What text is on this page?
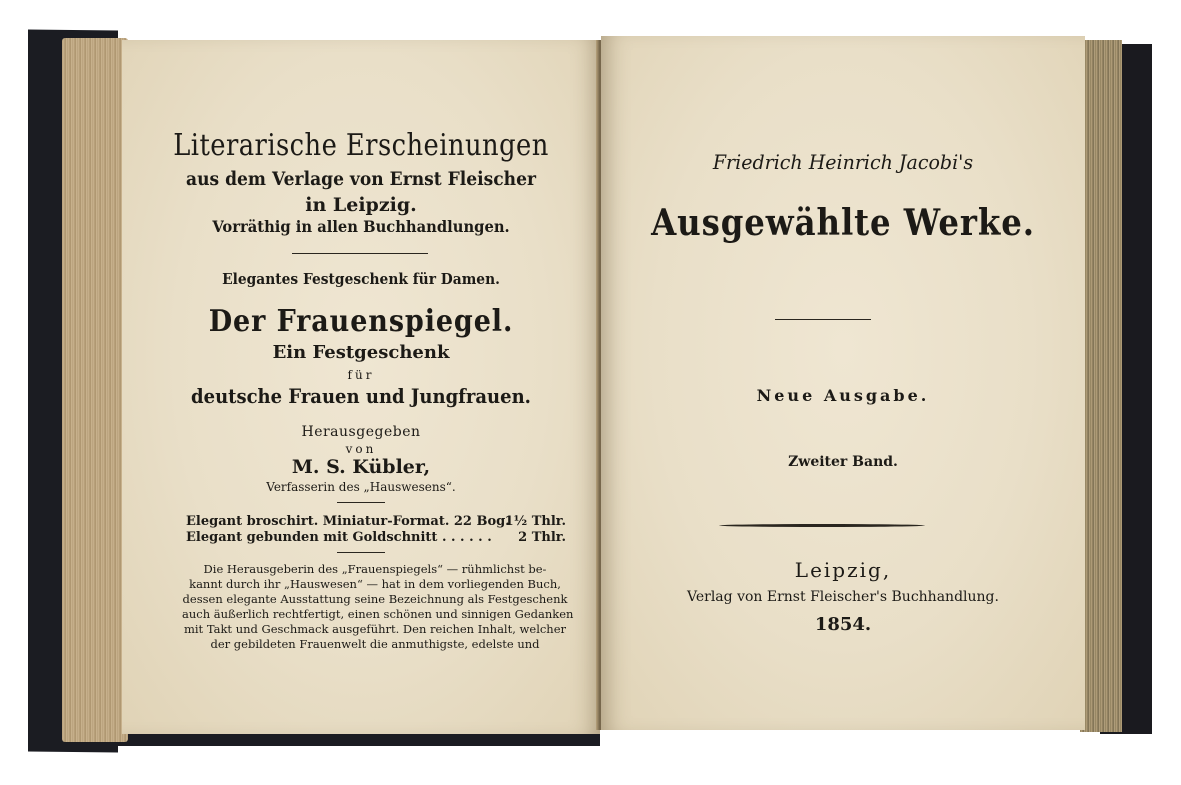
Literarische Erscheinungen
aus dem Verlage von Ernst Fleischer
in Leipzig.
Vorräthig in allen Buchhandlungen.
Elegantes Festgeschenk für Damen.
Der Frauenspiegel.
Ein Festgeschenk
für
deutsche Frauen und Jungfrauen.
Herausgegeben
von
M. S. Kübler,
Verfasserin des „Hauswesens“.
Elegant broschirt. Miniatur-Format. 22 Bog.
1½ Thlr.
Elegant gebunden mit Goldschnitt . . . . . . 2 Thlr.
Die Herausgeberin des „Frauenspiegels“ — rühmlichst be-
kannt durch ihr „Hauswesen“ — hat in dem vorliegenden Buch,
dessen elegante Ausstattung seine Bezeichnung als Festgeschenk
auch äußerlich rechtfertigt, einen schönen und sinnigen Gedanken
mit Takt und Geschmack ausgeführt. Den reichen Inhalt, welcher
der gebildeten Frauenwelt die anmuthigste, edelste und
Friedrich Heinrich Jacobi's
Ausgewählte Werke.
Neue Ausgabe.
Zweiter Band.
Leipzig,
Verlag von Ernst Fleischer's Buchhandlung.
1854.
